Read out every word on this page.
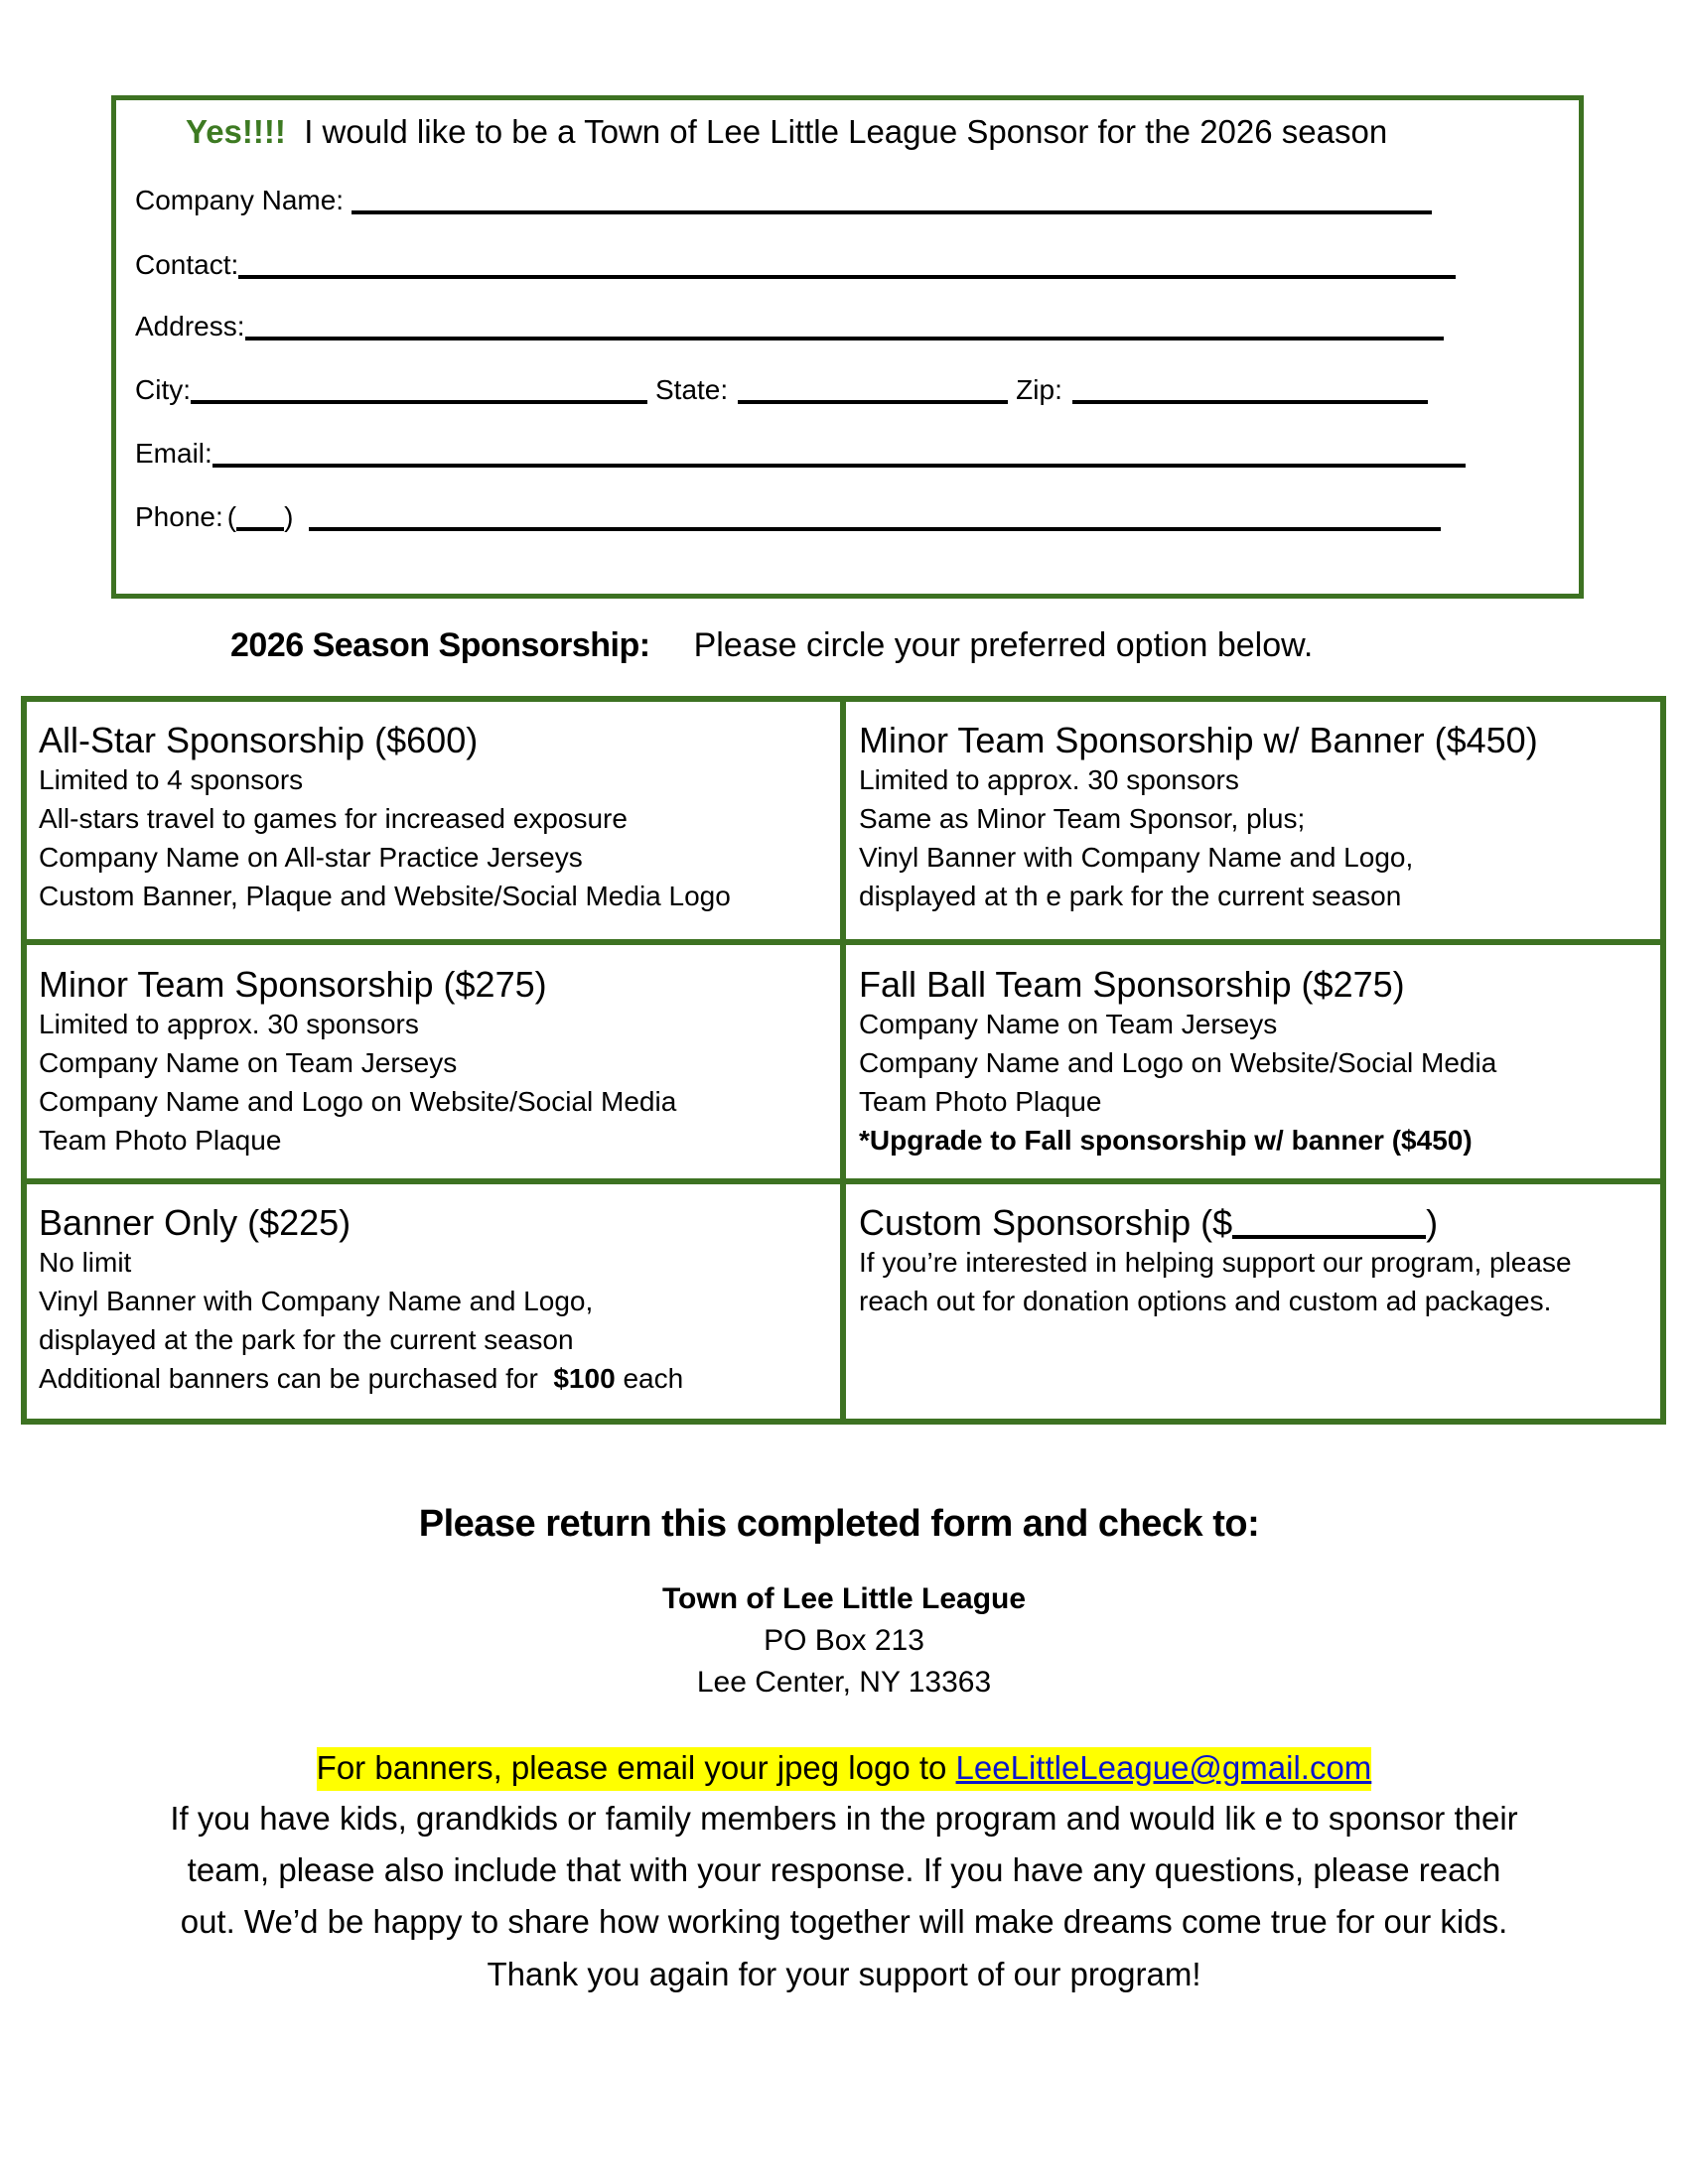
Yes!!!! I would like to be a Town of Lee Little League Sponsor for the 2026 season
Company Name:
Contact:
Address:
City:	State:	Zip:
Email:
Phone: ( )
2026 Season Sponsorship: Please circle your preferred option below.
All-Star Sponsorship ($600)
Limited to 4 sponsors
All-stars travel to games for increased exposure
Company Name on All-star Practice Jerseys
Custom Banner, Plaque and Website/Social Media Logo
Minor Team Sponsorship w/ Banner ($450)
Limited to approx. 30 sponsors
Same as Minor Team Sponsor, plus;
Vinyl Banner with Company Name and Logo,
displayed at th e park for the current season
Minor Team Sponsorship ($275)
Limited to approx. 30 sponsors
Company Name on Team Jerseys
Company Name and Logo on Website/Social Media
Team Photo Plaque
Fall Ball Team Sponsorship ($275)
Company Name on Team Jerseys
Company Name and Logo on Website/Social Media
Team Photo Plaque
*Upgrade to Fall sponsorship w/ banner ($450)
Banner Only ($225)
No limit
Vinyl Banner with Company Name and Logo,
displayed at the park for the current season
Additional banners can be purchased for $100 each
Custom Sponsorship ($	)
If you’re interested in helping support our program, please
reach out for donation options and custom ad packages.
Please return this completed form and check to:
Town of Lee Little League
PO Box 213
Lee Center, NY 13363
For banners, please email your jpeg logo to LeeLittleLeague@gmail.com
If you have kids, grandkids or family members in the program and would lik e to sponsor their
team, please also include that with your response. If you have any questions, please reach
out. We’d be happy to share how working together will make dreams come true for our kids.
Thank you again for your support of our program!
